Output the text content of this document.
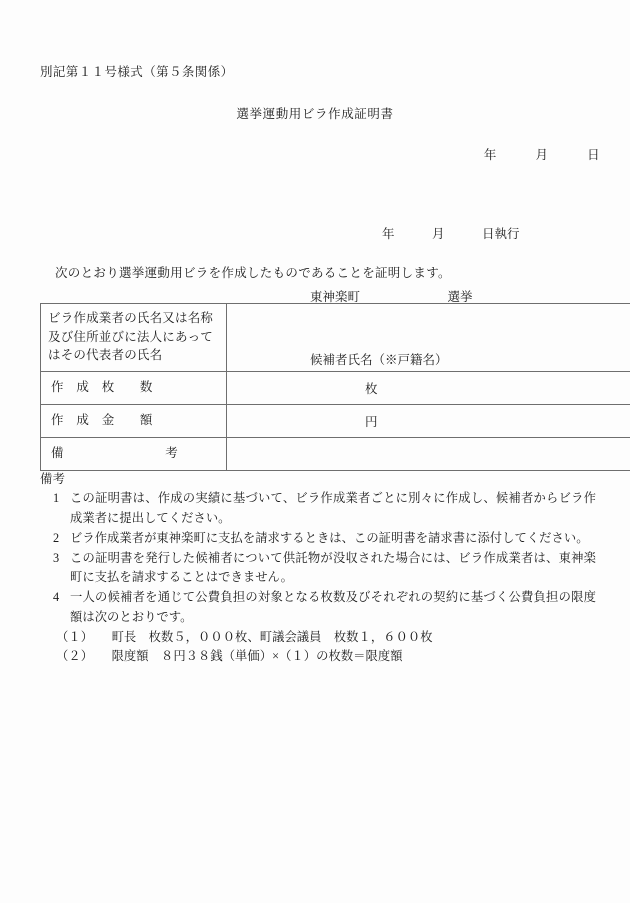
別記第１１号様式（第５条関係）
選挙運動用ビラ作成証明書
年　　　月　　　日

年　　　月　　　日執行

東神楽町　　　　　　　選挙

候補者氏名（※戸籍名）

次のとおり選挙運動用ビラを作成したものであることを証明します。
ビラ作成業者の氏名又は名称及び住所並びに法人にあってはその代表者の氏名	
作　成　枚　　数	枚
作　成　金　　額	円
備　　　　　　　　考	
備考
1 この証明書は、作成の実績に基づいて、ビラ作成業者ごとに別々に作成し、候補者からビラ作成業者に提出してください。
2 ビラ作成業者が東神楽町に支払を請求するときは、この証明書を請求書に添付してください。
3 この証明書を発行した候補者について供託物が没収された場合には、ビラ作成業者は、東神楽町に支払を請求することはできません。
4 一人の候補者を通じて公費負担の対象となる枚数及びそれぞれの契約に基づく公費負担の限度額は次のとおりです。
（１）　　町長　枚数５，０００枚、町議会議員　枚数１，６００枚
（２）　　限度額　８円３８銭（単価）×（１）の枚数＝限度額
